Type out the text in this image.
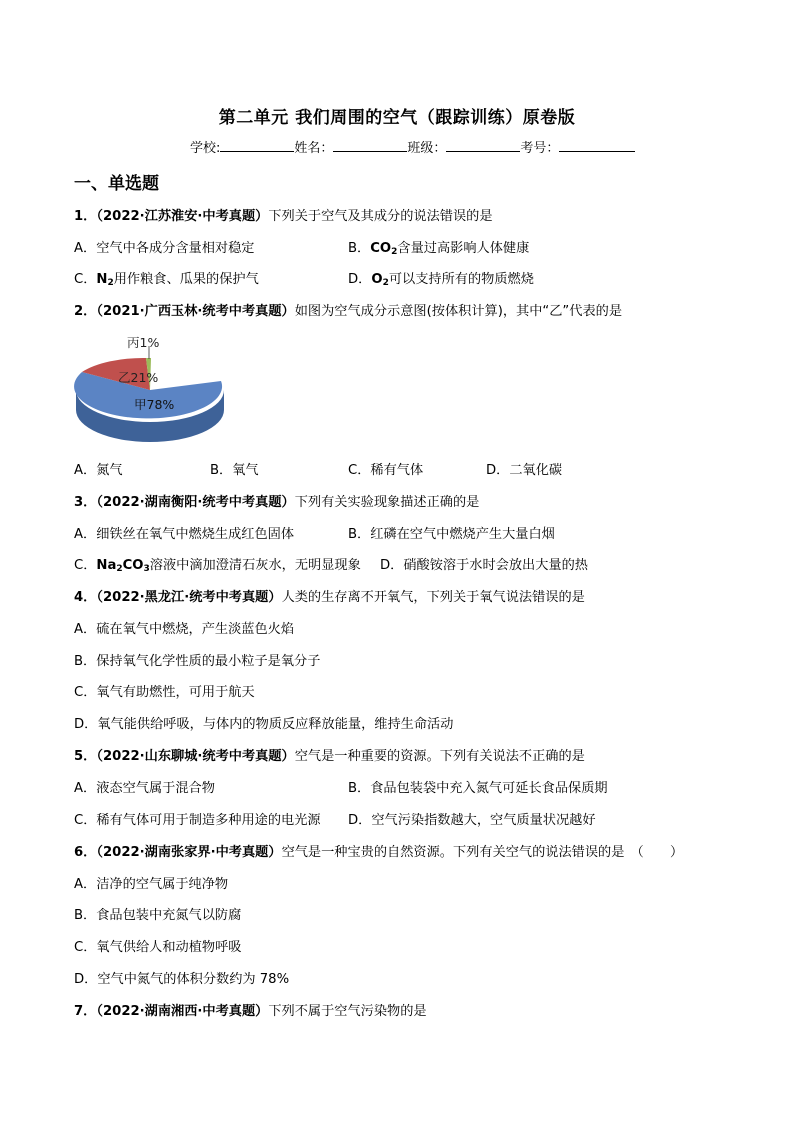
第二单元 我们周围的空气（跟踪训练）原卷版
学校:	姓名：	班级：	考号：
一、单选题
1．（2022·江苏淮安·中考真题）下列关于空气及其成分的说法错误的是
A．空气中各成分含量相对稳定	B．$CO_2$含量过高影响人体健康
C．$N_2$用作粮食、瓜果的保护气	D．$O_2$可以支持所有的物质燃烧
2．（2021·广西玉林·统考中考真题）如图为空气成分示意图(按体积计算)，其中“乙”代表的是
丙1%
乙21%
甲78%
A．氮气	B．氧气	C．稀有气体	D．二氧化碳
3．（2022·湖南衡阳·统考中考真题）下列有关实验现象描述正确的是
A．细铁丝在氧气中燃烧生成红色固体	B．红磷在空气中燃烧产生大量白烟
C．$Na_2CO_3$溶液中滴加澄清石灰水，无明显现象 D．硝酸铵溶于水时会放出大量的热
4．（2022·黑龙江·统考中考真题）人类的生存离不开氧气，下列关于氧气说法错误的是
A．硫在氧气中燃烧，产生淡蓝色火焰
B．保持氧气化学性质的最小粒子是氧分子
C．氧气有助燃性，可用于航天
D．氧气能供给呼吸，与体内的物质反应释放能量，维持生命活动
5．（2022·山东聊城·统考中考真题）空气是一种重要的资源。下列有关说法不正确的是
A．液态空气属于混合物	B．食品包装袋中充入氮气可延长食品保质期
C．稀有气体可用于制造多种用途的电光源 D．空气污染指数越大，空气质量状况越好
6．（2022·湖南张家界·中考真题）空气是一种宝贵的自然资源。下列有关空气的说法错误的是 （　　）
A．洁净的空气属于纯净物
B．食品包装中充氮气以防腐
C．氧气供给人和动植物呼吸
D．空气中氮气的体积分数约为 78%
7．（2022·湖南湘西·中考真题）下列不属于空气污染物的是
